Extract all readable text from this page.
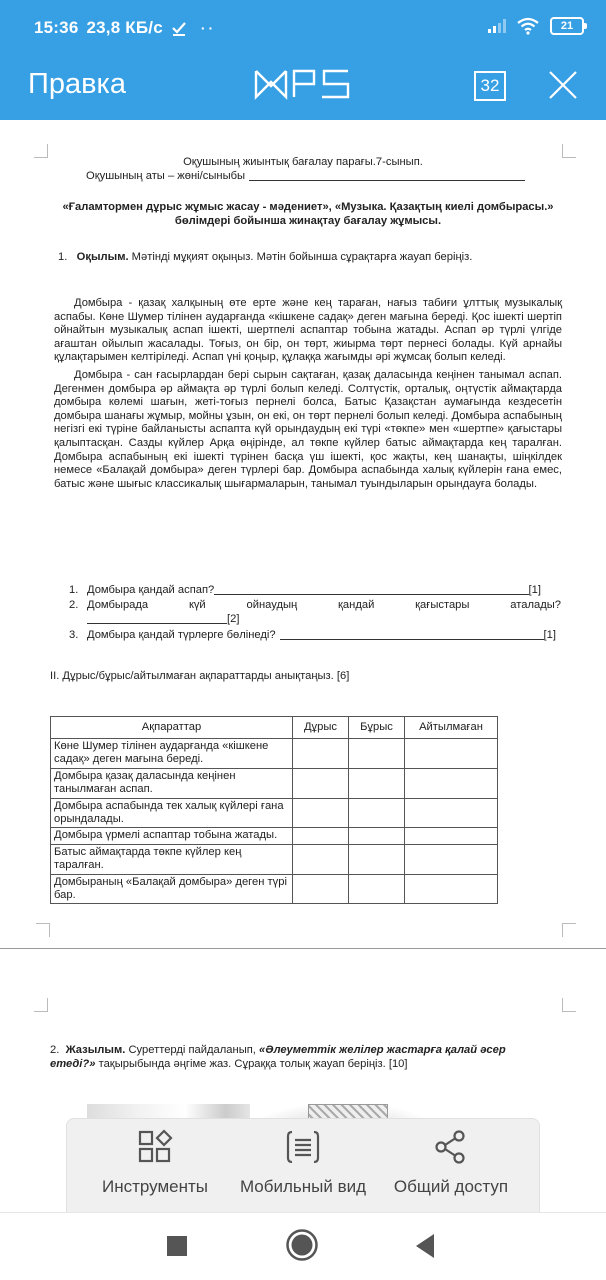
15:36 23,8 КБ/с	··	21
Правка	32
Оқушының жиынтық бағалау парағы.7-сынып.
Оқушының аты – жөні/сыныбы
«Ғаламтормен дұрыс жұмыс жасау - мәдениет», «Музыка. Қазақтың киелі домбырасы.» бөлімдері бойынша жинақтау бағалау жұмысы.
1. Оқылым. Мәтінді мұқият оқыңыз. Мәтін бойынша сұрақтарға жауап беріңіз.

Домбыра - қазақ халқының өте ерте және кең тараған, нағыз табиғи ұлттық музыкалық аспабы. Көне Шумер тілінен аударғанда «кішкене садақ» деген мағына береді. Қос ішекті шертіп ойнайтын музыкалық аспап ішекті, шертпелі аспаптар тобына жатады. Аспап әр түрлі үлгіде ағаштан ойылып жасалады. Тоғыз, он бір, он төрт, жиырма төрт пернесі болады. Күй арнайы құлақтарымен келтіріледі. Аспап үні қоңыр, құлаққа жағымды әрі жұмсақ болып келеді.

Домбыра - сан ғасырлардан бері сырын сақтаған, қазақ даласында кеңінен танымал аспап. Дегенмен домбыра әр аймақта әр түрлі болып келеді. Солтүстік, орталық, оңтүстік аймақтарда домбыра көлемі шағын, жеті-тоғыз пернелі болса, Батыс Қазақстан аумағында кездесетін домбыра шанағы жұмыр, мойны ұзын, он екі, он төрт пернелі болып келеді. Домбыра аспабының негізгі екі түріне байланысты аспапта күй орындаудың екі түрі «төкпе» мен «шертпе» қағыстары қалыптасқан. Сазды күйлер Арқа өңірінде, ал төкпе күйлер батыс аймақтарда кең таралған. Домбыра аспабының екі ішекті түрінен басқа үш ішекті, қос жақты, кең шанақты, шіңкілдек немесе «Балақай домбыра» деген түрлері бар. Домбыра аспабында халық күйлерін ғана емес, батыс және шығыс классикалық шығармаларын, танымал туындыларын орындауға болады.

1. Домбыра қандай аспап?	[1]
2. Домбырада күй ойнаудың қандай қағыстары аталады?
[2]
3. Домбыра қандай түрлерге бөлінеді?	[1]
II. Дұрыс/бұрыс/айтылмаған ақпараттарды анықтаңыз. [6]
Ақпараттар	Дұрыс	Бұрыс	Айтылмаған
Көне Шумер тілінен аударғанда «кішкене садақ» деген мағына береді.			
Домбыра қазақ даласында кеңінен танылмаған аспап.			
Домбыра аспабында тек халық күйлері ғана орындалады.			
Домбыра үрмелі аспаптар тобына жатады.			
Батыс аймақтарда төкпе күйлер кең таралған.			
Домбыраның «Балақай домбыра» деген түрі бар.			
2. Жазылым. Суреттерді пайдаланып, «Әлеуметтік желілер жастарға қалай әсер етеді?» тақырыбында әңгіме жаз. Сұраққа толық жауап беріңіз. [10]
Инструменты Мобильный вид Общий доступ
